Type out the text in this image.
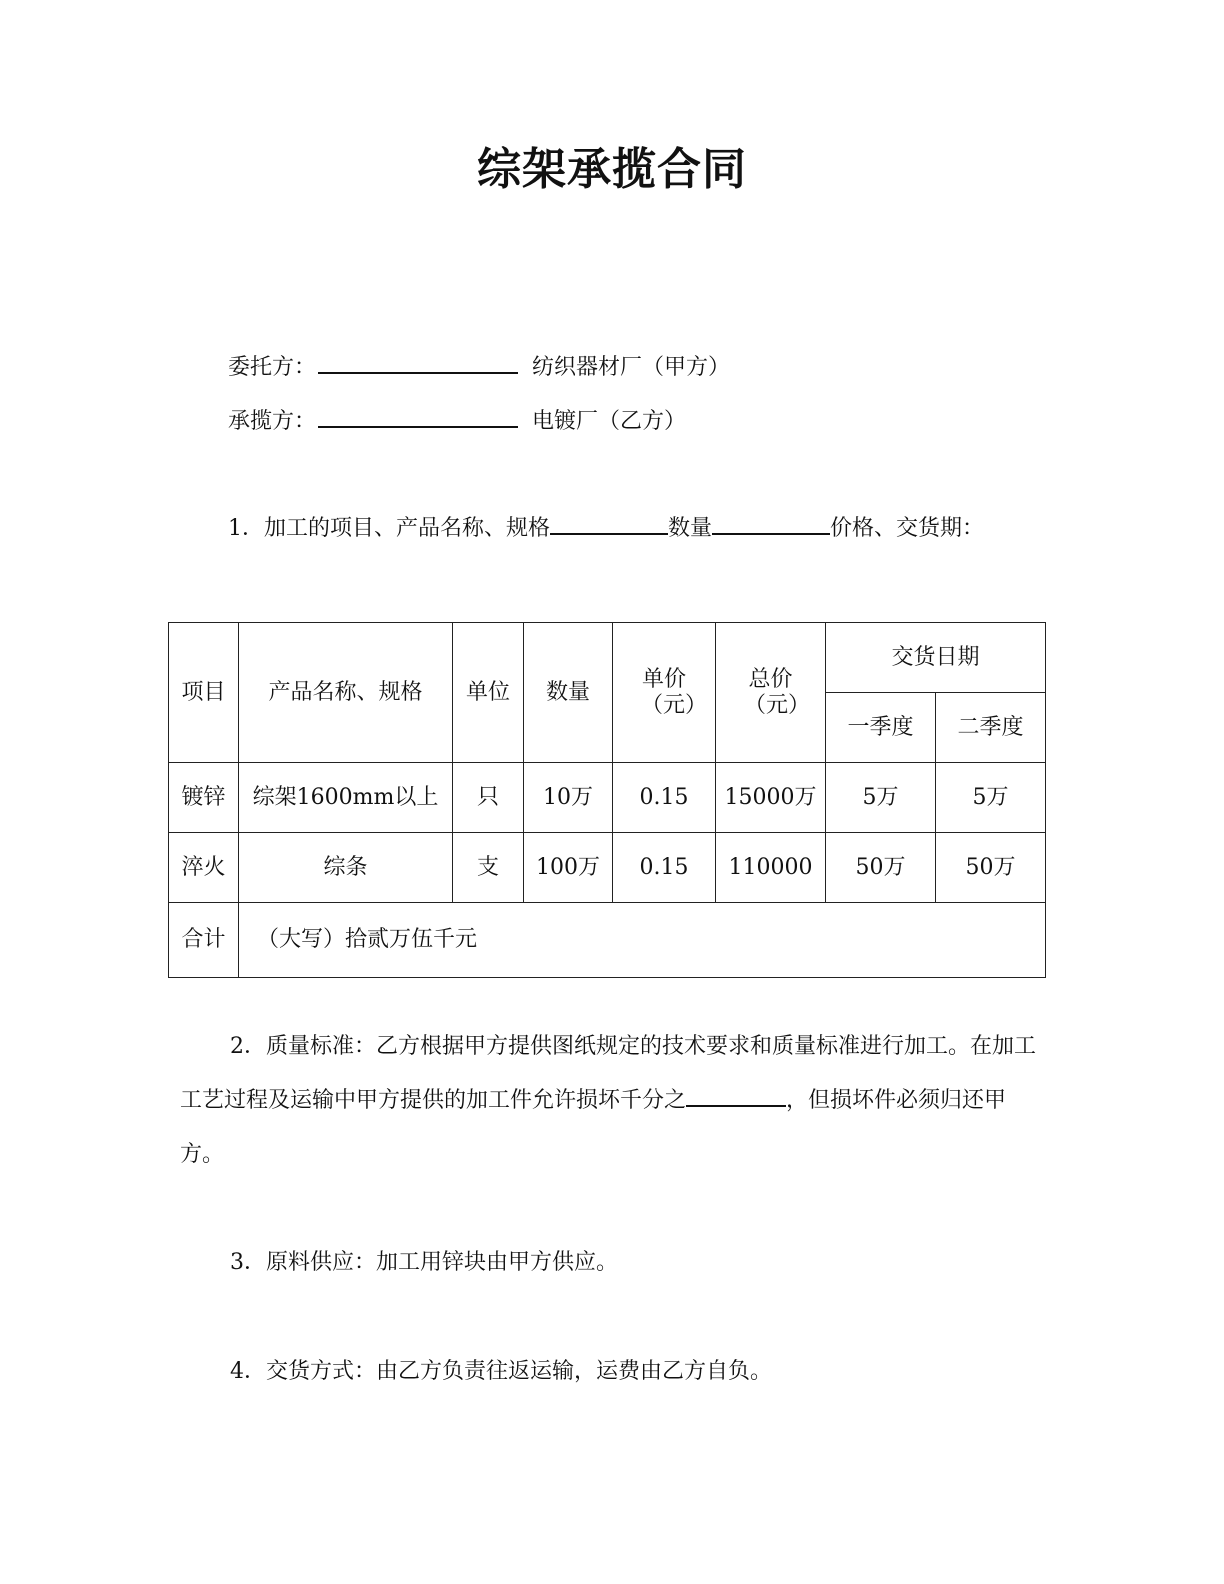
综架承揽合同
委托方：	纺织器材厂（甲方）
承揽方：	电镀厂（乙方）
1．加工的项目、产品名称、规格	数量	价格、交货期：
项目	产品名称、规格	单位	数量	单价（元）	总价（元）	交货日期	
						一季度	二季度
镀锌	综架1600mm以上	只	10万	0.15	15000万	5万	5万
淬火	综条	支	100万	0.15	110000	50万	50万
合计	（大写）拾贰万伍千元						
2．质量标准：乙方根据甲方提供图纸规定的技术要求和质量标准进行加工。在加工工艺过程及运输中甲方提供的加工件允许损坏千分之	，但损坏件必须归还甲方。
3．原料供应：加工用锌块由甲方供应。
4．交货方式：由乙方负责往返运输，运费由乙方自负。
